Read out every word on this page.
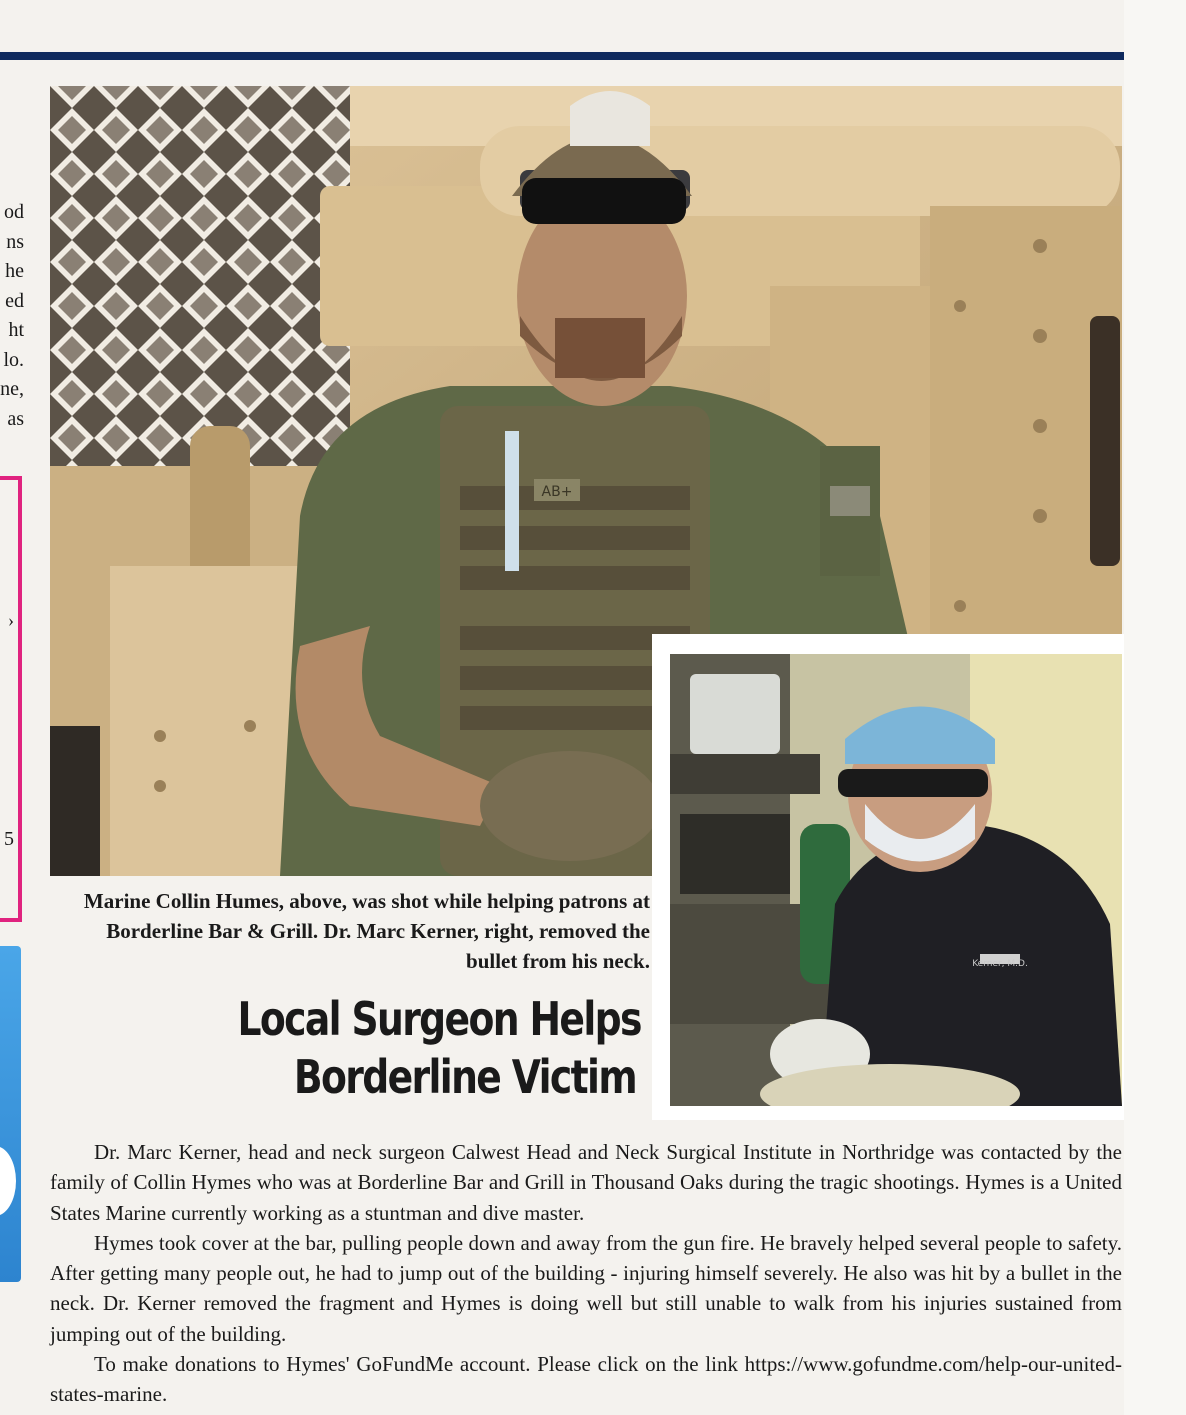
od
ns
he
ed
ht
lo.
ne,
as
›
5
AB+
Kerner, M.D.
Marine Collin Humes, above, was shot while helping patrons at Borderline Bar & Grill. Dr. Marc Kerner, right, removed the bullet from his neck.
Local Surgeon Helps
Borderline Victim

Dr. Marc Kerner, head and neck surgeon Calwest Head and Neck Surgical Institute in Northridge was contacted by the family of Collin Hymes who was at Borderline Bar and Grill in Thousand Oaks during the tragic shootings. Hymes is a United States Marine currently working as a stuntman and dive master.

Hymes took cover at the bar, pulling people down and away from the gun fire. He bravely helped several people to safety. After getting many people out, he had to jump out of the building - injuring himself severely. He also was hit by a bullet in the neck. Dr. Kerner removed the fragment and Hymes is doing well but still unable to walk from his injuries sustained from jumping out of the building.

To make donations to Hymes' GoFundMe account. Please click on the link https://www.gofundme.com/help-our-united-states-marine.
